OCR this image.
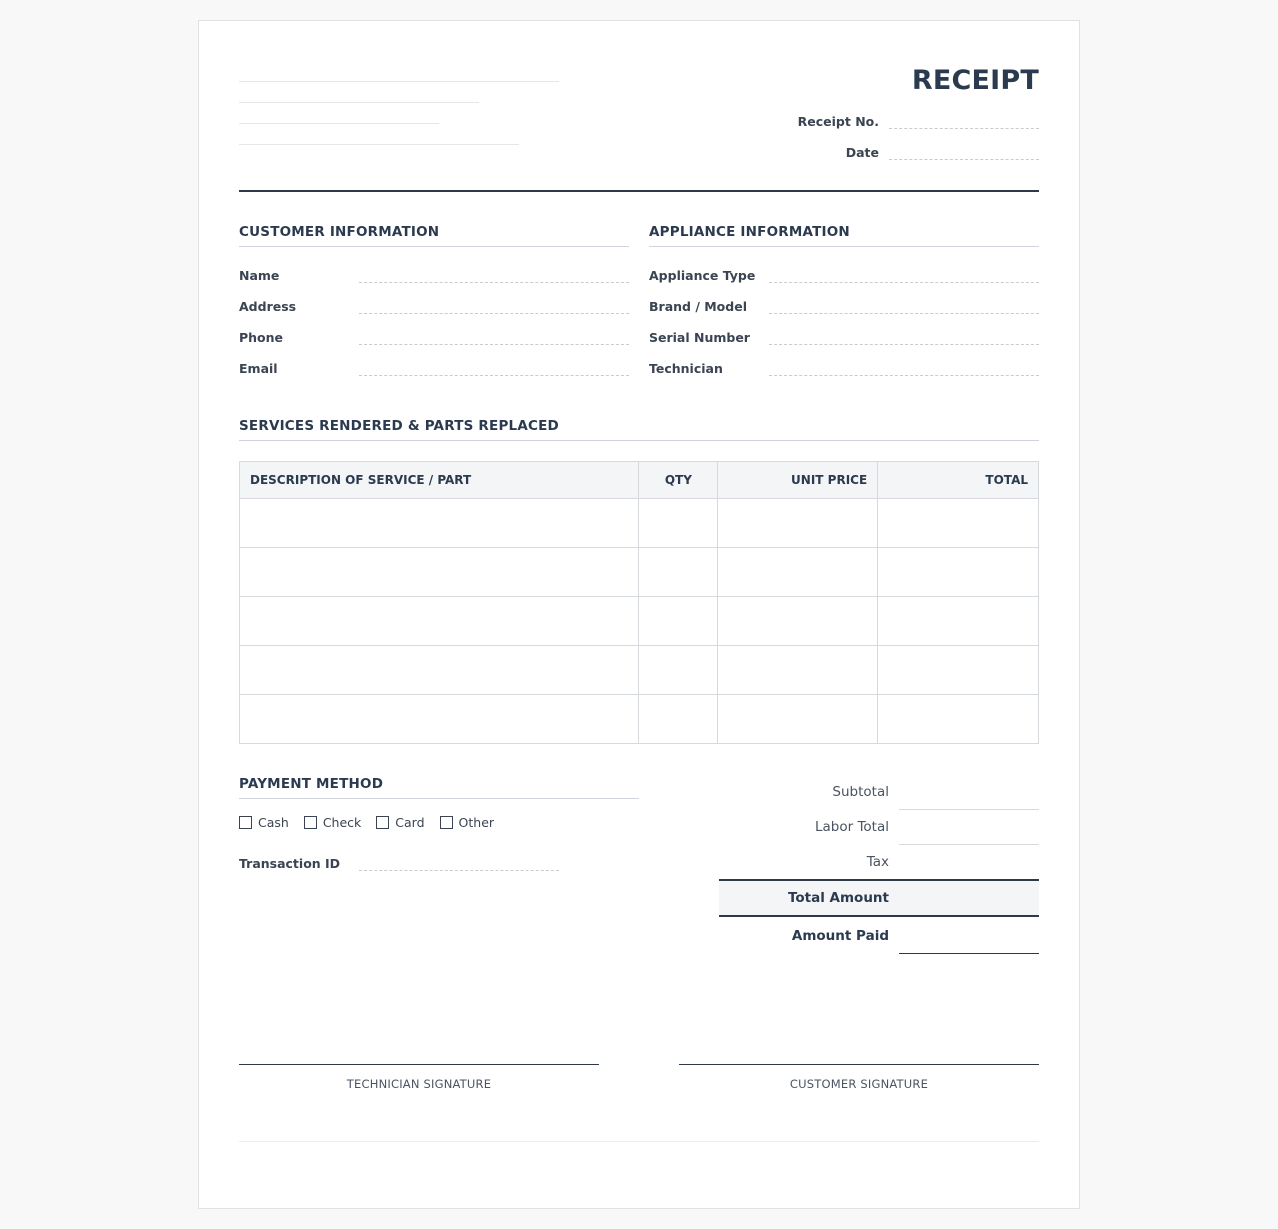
RECEIPT
Receipt No.
Date
CUSTOMER INFORMATION
Name
Address
Phone
Email
APPLIANCE INFORMATION
Appliance Type
Brand / Model
Serial Number
Technician
SERVICES RENDERED & PARTS REPLACED
DESCRIPTION OF SERVICE / PART	QTY	UNIT PRICE	TOTAL

PAYMENT METHOD
Cash	Check	Card	Other
Transaction ID
Subtotal
Labor Total
Tax
Total Amount
Amount Paid
TECHNICIAN SIGNATURE	CUSTOMER SIGNATURE
